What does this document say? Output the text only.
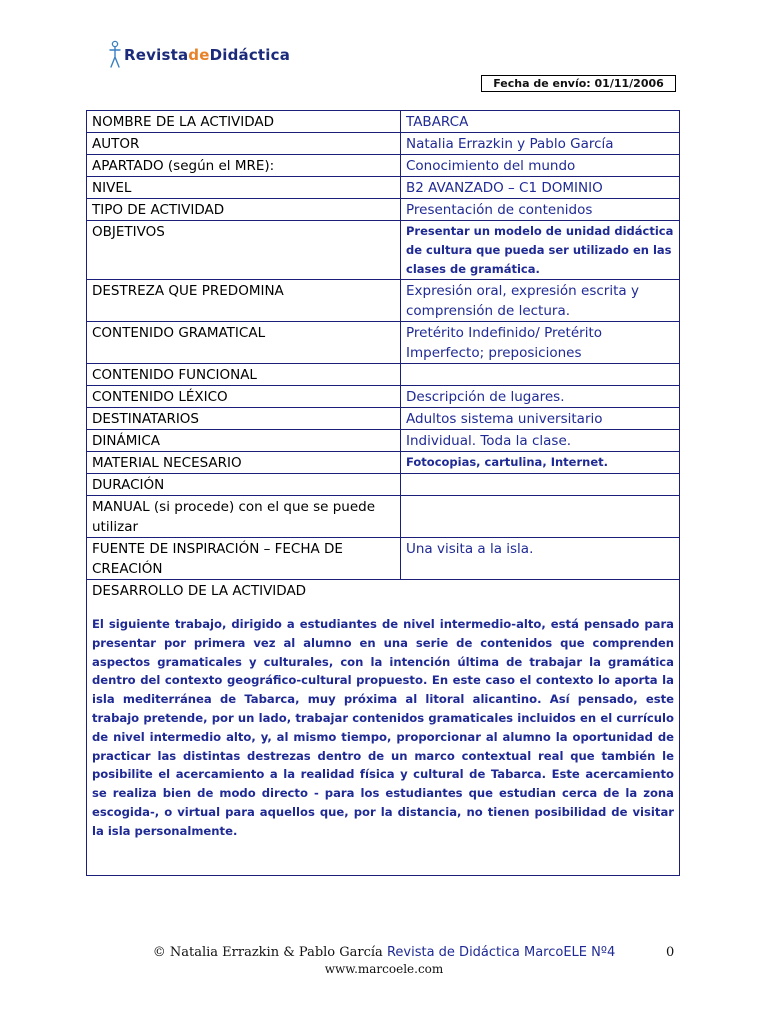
Revista de Didáctica
Fecha de envío: 01/11/2006
NOMBRE DE LA ACTIVIDAD	TABARCA
AUTOR	Natalia Errazkin y Pablo García
APARTADO (según el MRE):	Conocimiento del mundo
NIVEL	B2 AVANZADO – C1 DOMINIO
TIPO DE ACTIVIDAD	Presentación de contenidos
OBJETIVOS	Presentar un modelo de unidad didáctica de cultura que pueda ser utilizado en las clases de gramática.
DESTREZA QUE PREDOMINA	Expresión oral, expresión escrita y comprensión de lectura.
CONTENIDO GRAMATICAL	Pretérito Indefinido/ Pretérito Imperfecto; preposiciones
CONTENIDO FUNCIONAL	
CONTENIDO LÉXICO	Descripción de lugares.
DESTINATARIOS	Adultos sistema universitario
DINÁMICA	Individual. Toda la clase.
MATERIAL NECESARIO	Fotocopias, cartulina, Internet.
DURACIÓN	
MANUAL (si procede) con el que se puede utilizar	
FUENTE DE INSPIRACIÓN – FECHA DE CREACIÓN	Una visita a la isla.

DESARROLLO DE LA ACTIVIDAD

El siguiente trabajo, dirigido a estudiantes de nivel intermedio-alto, está pensado para presentar por primera vez al alumno en una serie de contenidos que comprenden aspectos gramaticales y culturales, con la intención última de trabajar la gramática dentro del contexto geográfico-cultural propuesto. En este caso el contexto lo aporta la isla mediterránea de Tabarca, muy próxima al litoral alicantino. Así pensado, este trabajo pretende, por un lado, trabajar contenidos gramaticales incluidos en el currículo de nivel intermedio alto, y, al mismo tiempo, proporcionar al alumno la oportunidad de practicar las distintas destrezas dentro de un marco contextual real que también le posibilite el acercamiento a la realidad física y cultural de Tabarca. Este acercamiento se realiza bien de modo directo - para los estudiantes que estudian cerca de la zona escogida-, o virtual para aquellos que, por la distancia, no tienen posibilidad de visitar la isla personalmente.	

© Natalia Errazkin & Pablo García Revista de Didáctica MarcoELE Nº4
www.marcoele.com
0
